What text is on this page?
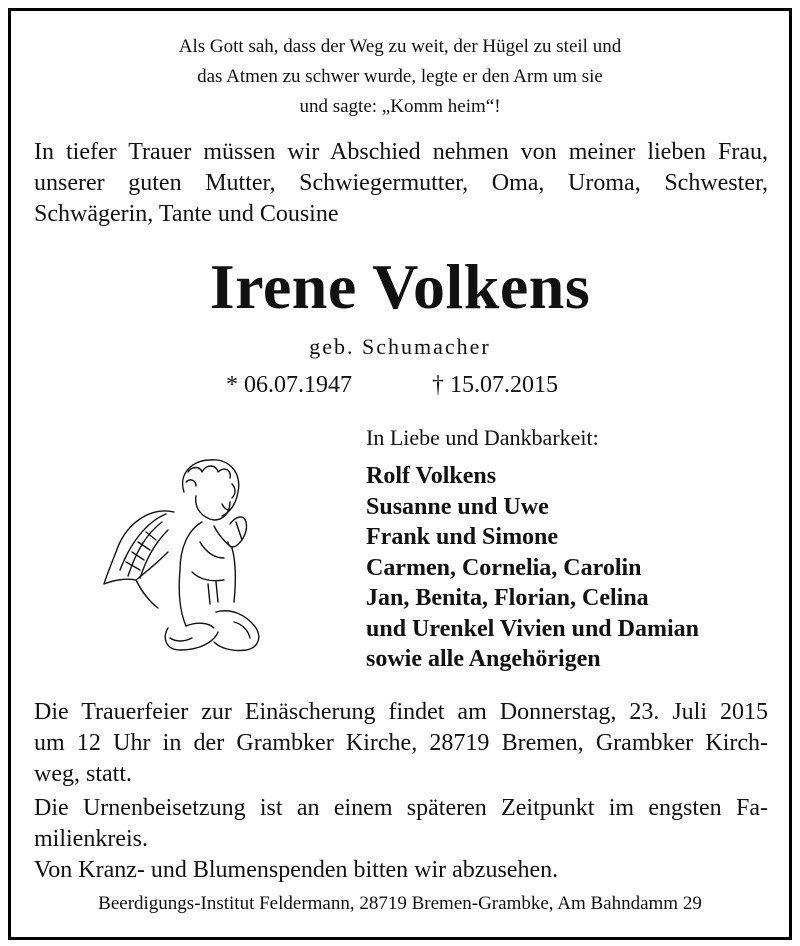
Als Gott sah, dass der Weg zu weit, der Hügel zu steil und
das Atmen zu schwer wurde, legte er den Arm um sie
und sagte: „Komm heim“!
In tiefer Trauer müssen wir Abschied nehmen von meiner lieben Frau,
unserer guten Mutter, Schwiegermutter, Oma, Uroma, Schwester,
Schwägerin, Tante und Cousine
Irene Volkens
geb. Schumacher
* 06.07.1947	† 15.07.2015
In Liebe und Dankbarkeit:
Rolf Volkens
Susanne und Uwe
Frank und Simone
Carmen, Cornelia, Carolin
Jan, Benita, Florian, Celina
und Urenkel Vivien und Damian
sowie alle Angehörigen
Die Trauerfeier zur Einäscherung findet am Donnerstag, 23. Juli 2015
um 12 Uhr in der Grambker Kirche, 28719 Bremen, Grambker Kirch-
weg, statt.
Die Urnenbeisetzung ist an einem späteren Zeitpunkt im engsten Fa-
milienkreis.
Von Kranz- und Blumenspenden bitten wir abzusehen.
Beerdigungs-Institut Feldermann, 28719 Bremen-Grambke, Am Bahndamm 29
